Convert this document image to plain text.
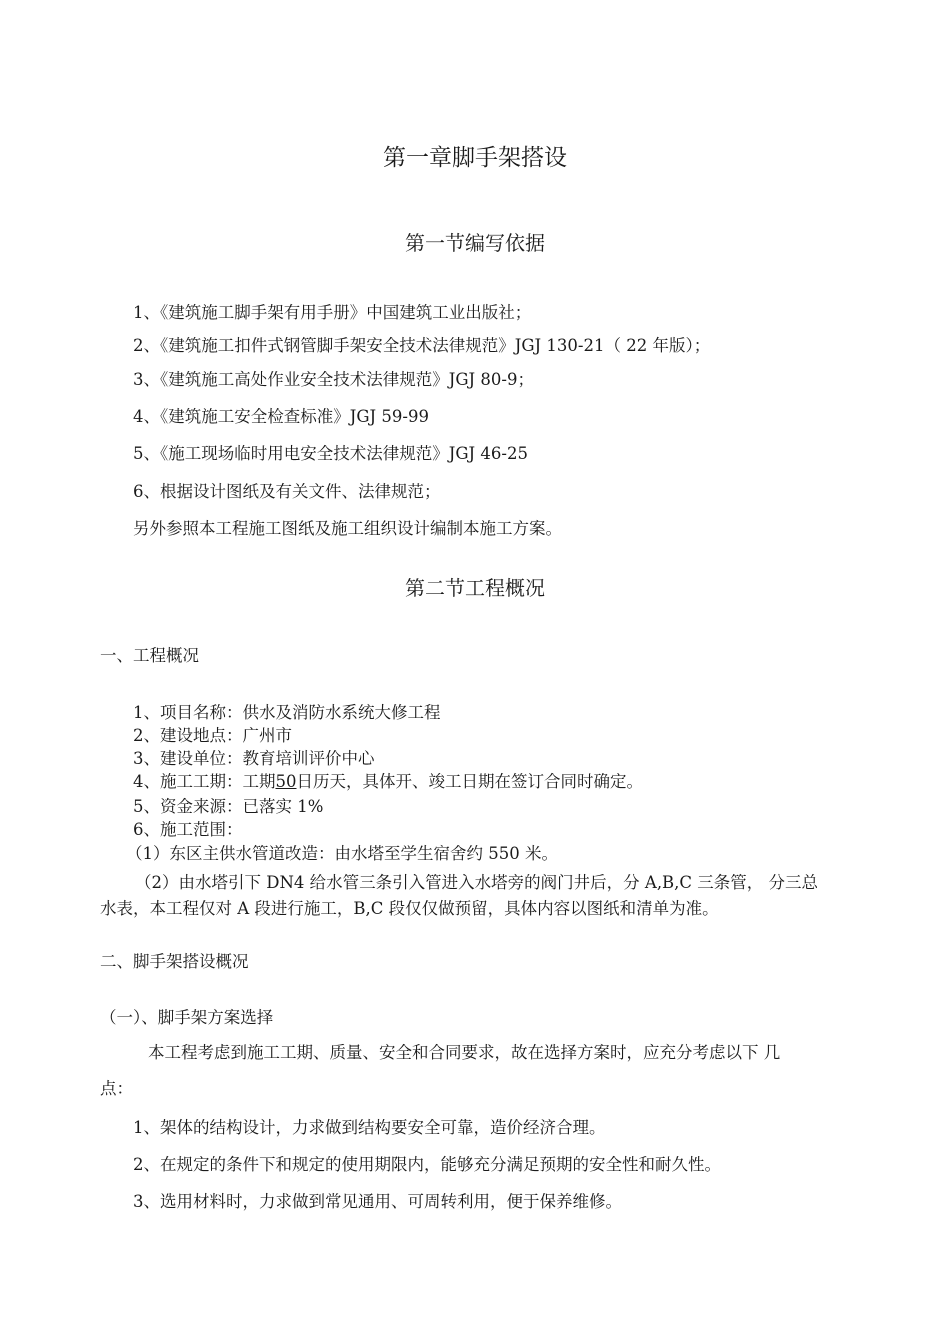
第一章脚手架搭设
第一节编写依据
1、《建筑施工脚手架有用手册》中国建筑工业出版社；
2、《建筑施工扣件式钢管脚手架安全技术法律规范》JGJ 130-21（ 22 年版）；
3、《建筑施工高处作业安全技术法律规范》JGJ 80-9；
4、《建筑施工安全检查标准》JGJ 59-99
5、《施工现场临时用电安全技术法律规范》JGJ 46-25
6、根据设计图纸及有关文件、法律规范；
另外参照本工程施工图纸及施工组织设计编制本施工方案。
第二节工程概况
一、工程概况
1、项目名称：供水及消防水系统大修工程
2、建设地点：广州市
3、建设单位：教育培训评价中心
4、施工工期：工期50日历天，具体开、竣工日期在签订合同时确定。
5、资金来源：已落实 1%
6、施工范围：
（1）东区主供水管道改造：由水塔至学生宿舍约 550 米。
（2）由水塔引下 DN4 给水管三条引入管进入水塔旁的阀门井后，分 A,B,C 三条管， 分三总
水表，本工程仅对 A 段进行施工，B,C 段仅仅做预留，具体内容以图纸和清单为准。
二、脚手架搭设概况
（一）、脚手架方案选择
本工程考虑到施工工期、质量、安全和合同要求，故在选择方案时，应充分考虑以下 几
点：
1、架体的结构设计，力求做到结构要安全可靠，造价经济合理。
2、在规定的条件下和规定的使用期限内，能够充分满足预期的安全性和耐久性。
3、选用材料时，力求做到常见通用、可周转利用，便于保养维修。
